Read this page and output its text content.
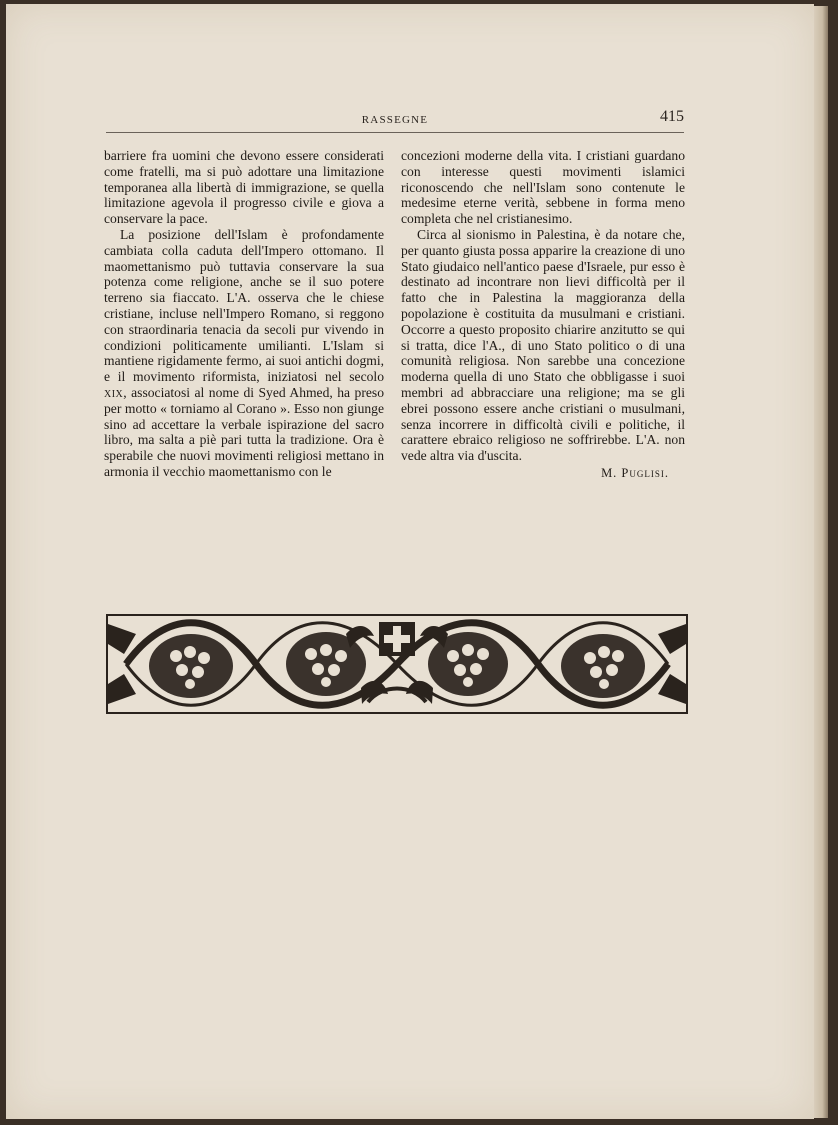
RASSEGNE	415

barriere fra uomini che devono essere considerati come fratelli, ma si può adottare una limitazione temporanea alla libertà di immigrazione, se quella limitazione agevola il progresso civile e giova a conservare la pace.

La posizione dell'Islam è profondamente cambiata colla caduta dell'Impero ottomano. Il maomettanismo può tuttavia conservare la sua potenza come religione, anche se il suo potere terreno sia fiaccato. L'A. osserva che le chiese cristiane, incluse nell'Impero Romano, si reggono con straordinaria tenacia da secoli pur vivendo in condizioni politicamente umilianti. L'Islam si mantiene rigidamente fermo, ai suoi antichi dogmi, e il movimento riformista, iniziatosi nel secolo xix, associatosi al nome di Syed Ahmed, ha preso per motto « torniamo al Corano ». Esso non giunge sino ad accettare la verbale ispirazione del sacro libro, ma salta a piè pari tutta la tradizione. Ora è sperabile che nuovi movimenti religiosi mettano in armonia il vecchio maomettanismo con le

concezioni moderne della vita. I cristiani guardano con interesse questi movimenti islamici riconoscendo che nell'Islam sono contenute le medesime eterne verità, sebbene in forma meno completa che nel cristianesimo.

Circa al sionismo in Palestina, è da notare che, per quanto giusta possa apparire la creazione di uno Stato giudaico nell'antico paese d'Israele, pur esso è destinato ad incontrare non lievi difficoltà per il fatto che in Palestina la maggioranza della popolazione è costituita da musulmani e cristiani. Occorre a questo proposito chiarire anzitutto se qui si tratta, dice l'A., di uno Stato politico o di una comunità religiosa. Non sarebbe una concezione moderna quella di uno Stato che obbligasse i suoi membri ad abbracciare una religione; ma se gli ebrei possono essere anche cristiani o musulmani, senza incorrere in difficoltà civili e politiche, il carattere ebraico religioso ne soffrirebbe. L'A. non vede altra via d'uscita.

M. Puglisi.
